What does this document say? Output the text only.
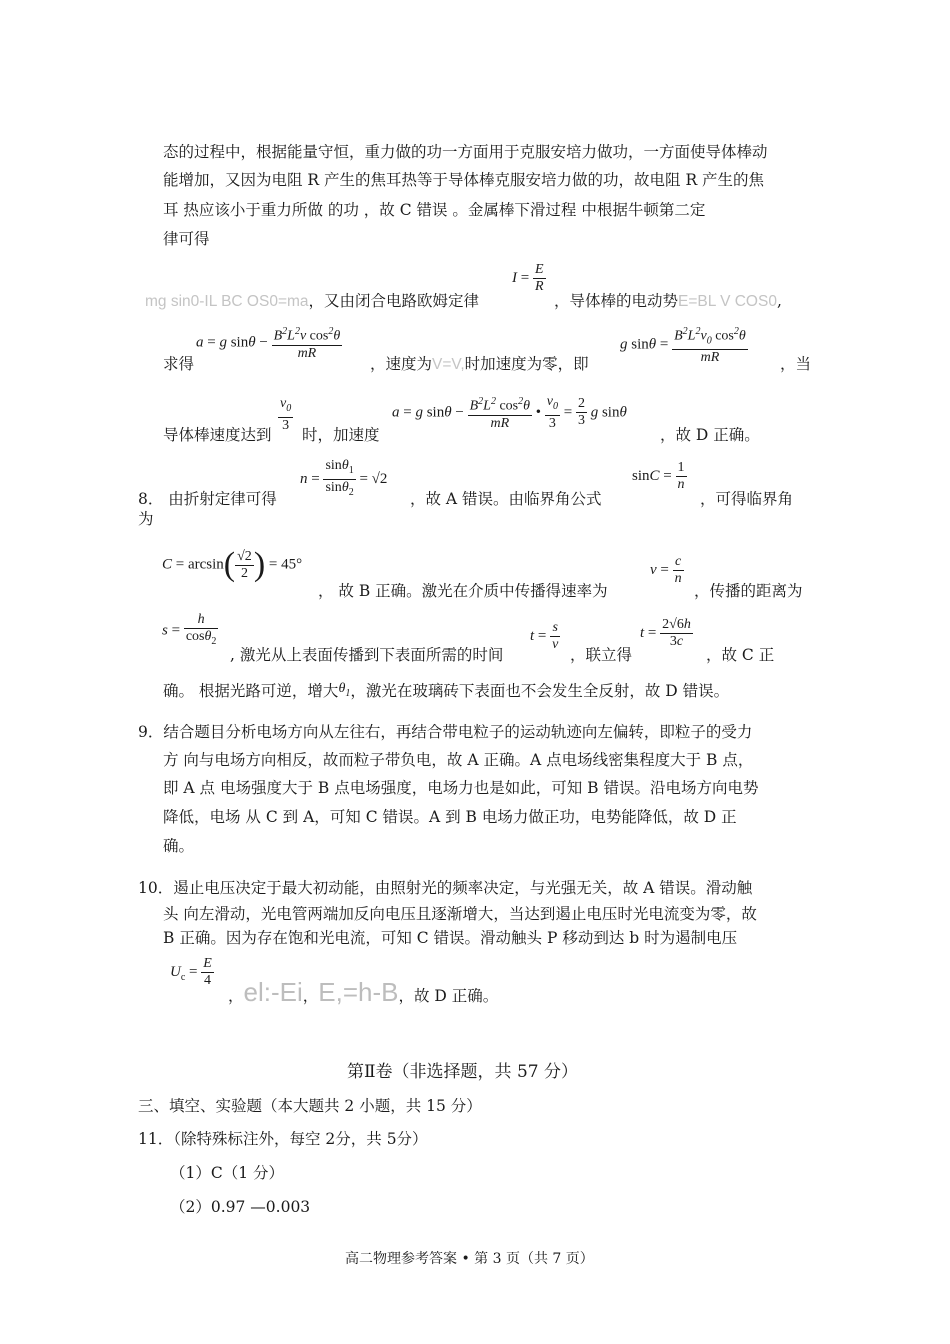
态的过程中，根据能量守恒，重力做的功一方面用于克服安培力做功，一方面使导体棒动
能增加，又因为电阻 R 产生的焦耳热等于导体棒克服安培力做的功，故电阻 R 产生的焦
耳 热应该小于重力所做 的功 ，故 C 错误 。金属棒下滑过程 中根据牛顿第二定
律可得
mg sin0-IL BC OS0=ma，又由闭合电路欧姆定律
$I = \frac{E}{R}$
，导体棒的电动势E=BL V COS0,
求得
a = g $\sin\theta - \frac{B^2L^2v \cos^2\theta}{mR}$
，速度为V=V,时加速度为零，即
g $\sin\theta = \frac{B^2L^2v_0 \cos^2\theta}{mR}$ ，当
导体棒速度达到
$\frac{v_0}{3}$
时，加速度
a = g $\sin\theta - \frac{B^2L^2 \cos^2\theta}{mR}$ • $\frac{v_0}{3} = \frac{2}{3}$ g sinθ
，故 D 正确。
8． 由折射定律可得
$n = \frac{\sin\theta_1}{\sin\theta_2} = √2$
，故 A 错误。由临界角公式
$\sin C = \frac{1}{n}$
，可得临界角
为
$C = \arcsin( \frac{√2}{2}$ ) = 45°
， 故 B 正确。激光在介质中传播得速率为
$v = \frac{c}{n}$
，传播的距离为
$s = \frac{h}{\cos\theta_2}$
, 激光从上表面传播到下表面所需的时间
$t = \frac{s}{v}$
，联立得
$t = \frac{2√6h}{3c}$
，故 C 正
确。 根据光路可逆，增大$\theta_1$，激光在玻璃砖下表面也不会发生全反射，故 D 错误。
9．结合题目分析电场方向从左往右，再结合带电粒子的运动轨迹向左偏转，即粒子的受力
方 向与电场方向相反，故而粒子带负电，故 A 正确。A 点电场线密集程度大于 B 点，
即 A 点 电场强度大于 B 点电场强度，电场力也是如此，可知 B 错误。沿电场方向电势
降低，电场 从 C 到 A，可知 C 错误。A 到 B 电场力做正功，电势能降低，故 D 正
确。
10．遏止电压决定于最大初动能，由照射光的频率决定，与光强无关，故 A 错误。滑动触
头 向左滑动，光电管两端加反向电压且逐渐增大，当达到遏止电压时光电流变为零，故
B 正确。因为存在饱和光电流，可知 C 错误。滑动触头 P 移动到达 b 时为遏制电压
$U_c = \frac{E}{4}$
，el:-Ei，E,=h-B，故 D 正确。
第Ⅱ卷（非选择题，共 57 分）
三、填空、实验题（本大题共 2 小题，共 15 分）
11．（除特殊标注外，每空 2分，共 5分）
（1）C（1 分）
（2）0.97 —0.003
高二物理参考答案 • 第 3 页（共 7 页）
